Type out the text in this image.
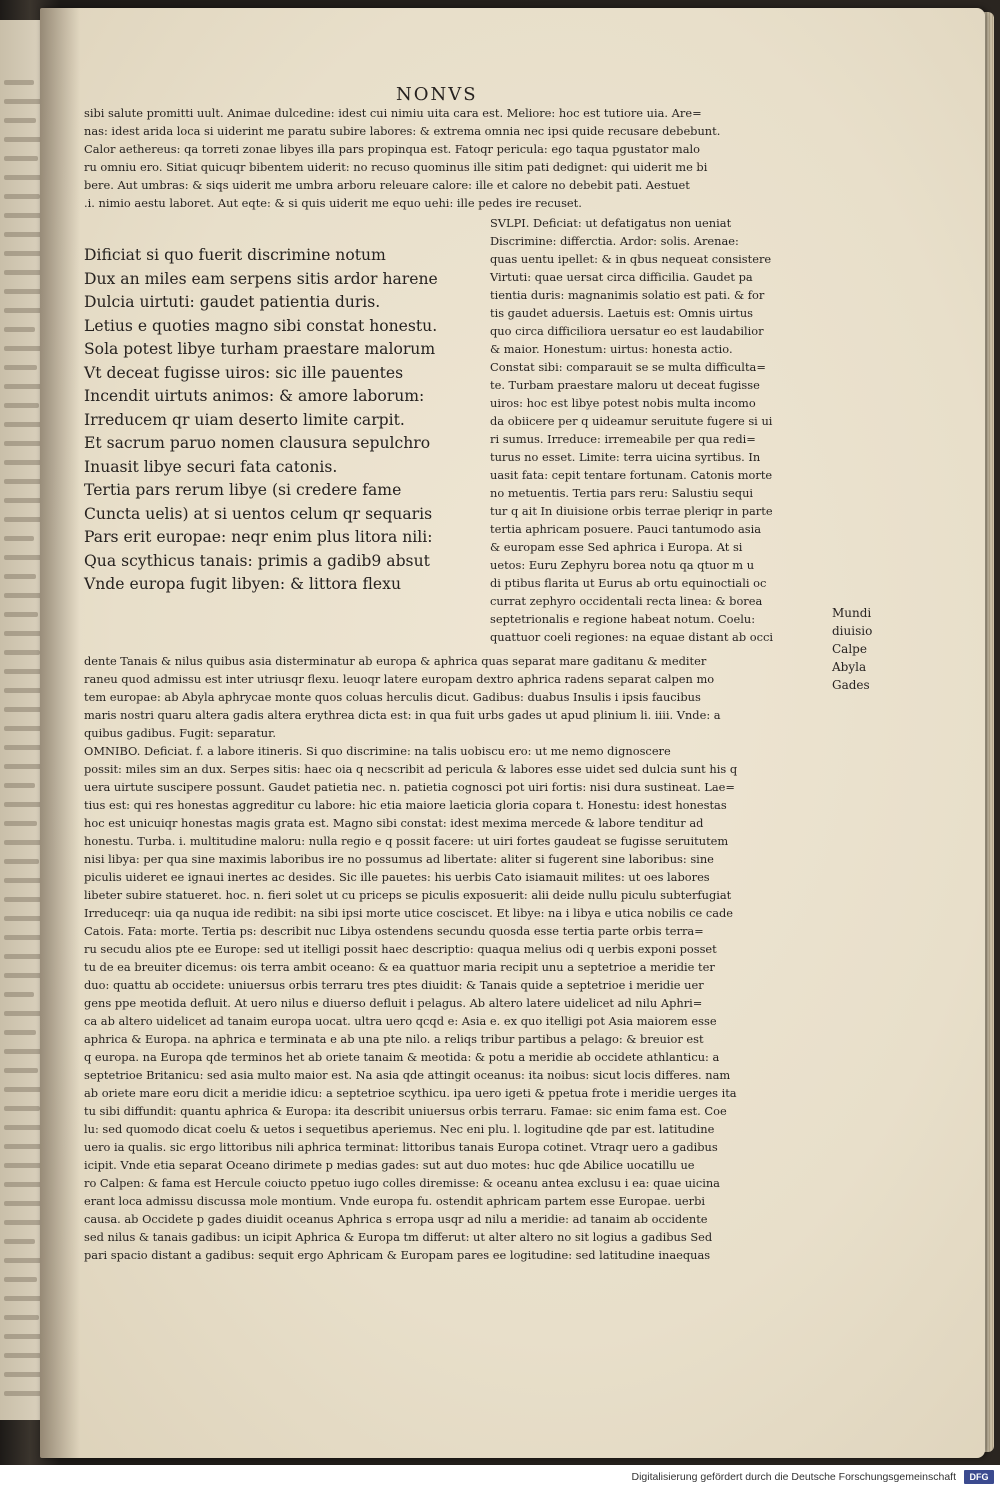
NONVS
sibi salute promitti uult. Animae dulcedine: idest cui nimiu uita cara est. Meliore: hoc est tutiore uia. Are=
nas: idest arida loca si uiderint me paratu subire labores: & extrema omnia nec ipsi quide recusare debebunt.
Calor aethereus: qa torreti zonae libyes illa pars propinqua est. Fatoqr pericula: ego taqua pgustator malo
ru omniu ero. Sitiat quicuqr bibentem uiderit: no recuso quominus ille sitim pati dedignet: qui uiderit me bi
bere. Aut umbras: & siqs uiderit me umbra arboru releuare calore: ille et calore no debebit pati. Aestuet
.i. nimio aestu laboret. Aut eqte: & si quis uiderit me equo uehi: ille pedes ire recuset.
Dificiat si quo fuerit discrimine notum
Dux an miles eam serpens sitis ardor harene
Dulcia uirtuti: gaudet patientia duris.
Letius e quoties magno sibi constat honestu.
Sola potest libye turham praestare malorum
Vt deceat fugisse uiros: sic ille pauentes
Incendit uirtuts animos: & amore laborum:
Irreducem qr uiam deserto limite carpit.
Et sacrum paruo nomen clausura sepulchro
Inuasit libye securi fata catonis.
Tertia pars rerum libye (si credere fame
Cuncta uelis) at si uentos celum qr sequaris
Pars erit europae: neqr enim plus litora nili:
Qua scythicus tanais: primis a gadib9 absut
Vnde europa fugit libyen: & littora flexu
SVLPI. Deficiat: ut defatigatus non ueniat
Discrimine: differctia. Ardor: solis. Arenae:
quas uentu ipellet: & in qbus nequeat consistere
Virtuti: quae uersat circa difficilia. Gaudet pa
tientia duris: magnanimis solatio est pati. & for
tis gaudet aduersis. Laetuis est: Omnis uirtus
quo circa difficiliora uersatur eo est laudabilior
& maior. Honestum: uirtus: honesta actio.
Constat sibi: comparauit se se multa difficulta=
te. Turbam praestare maloru ut deceat fugisse
uiros: hoc est libye potest nobis multa incomo
da obiicere per q uideamur seruitute fugere si ui
ri sumus. Irreduce: irremeabile per qua redi=
turus no esset. Limite: terra uicina syrtibus. In
uasit fata: cepit tentare fortunam. Catonis morte
no metuentis. Tertia pars reru: Salustiu sequi
tur q ait In diuisione orbis terrae pleriqr in parte
tertia aphricam posuere. Pauci tantumodo asia
& europam esse Sed aphrica i Europa. At si
uetos: Euru Zephyru borea notu qa qtuor m u
di ptibus flarita ut Eurus ab ortu equinoctiali oc
currat zephyro occidentali recta linea: & borea
septetrionalis e regione habeat notum. Coelu:
quattuor coeli regiones: na equae distant ab occi
dente Tanais & nilus quibus asia disterminatur ab europa & aphrica quas separat mare gaditanu & mediter
raneu quod admissu est inter utriusqr flexu. leuoqr latere europam dextro aphrica radens separat calpen mo
tem europae: ab Abyla aphrycae monte quos coluas herculis dicut. Gadibus: duabus Insulis i ipsis faucibus
maris nostri quaru altera gadis altera erythrea dicta est: in qua fuit urbs gades ut apud plinium li. iiii. Vnde: a
quibus gadibus. Fugit: separatur.
OMNIBO. Deficiat. f. a labore itineris. Si quo discrimine: na talis uobiscu ero: ut me nemo dignoscere
possit: miles sim an dux. Serpes sitis: haec oia q necscribit ad pericula & labores esse uidet sed dulcia sunt his q
uera uirtute suscipere possunt. Gaudet patietia nec. n. patietia cognosci pot uiri fortis: nisi dura sustineat. Lae=
tius est: qui res honestas aggreditur cu labore: hic etia maiore laeticia gloria copara t. Honestu: idest honestas
hoc est unicuiqr honestas magis grata est. Magno sibi constat: idest mexima mercede & labore tenditur ad
honestu. Turba. i. multitudine maloru: nulla regio e q possit facere: ut uiri fortes gaudeat se fugisse seruitutem
nisi libya: per qua sine maximis laboribus ire no possumus ad libertate: aliter si fugerent sine laboribus: sine
piculis uideret ee ignaui inertes ac desides. Sic ille pauetes: his uerbis Cato isiamauit milites: ut oes labores
libeter subire statueret. hoc. n. fieri solet ut cu priceps se piculis exposuerit: alii deide nullu piculu subterfugiat
Irreduceqr: uia qa nuqua ide redibit: na sibi ipsi morte utice cosciscet. Et libye: na i libya e utica nobilis ce cade
Catois. Fata: morte. Tertia ps: describit nuc Libya ostendens secundu quosda esse tertia parte orbis terra=
ru secudu alios pte ee Europe: sed ut itelligi possit haec descriptio: quaqua melius odi q uerbis exponi posset
tu de ea breuiter dicemus: ois terra ambit oceano: & ea quattuor maria recipit unu a septetrioe a meridie ter
duo: quattu ab occidete: uniuersus orbis terraru tres ptes diuidit: & Tanais quide a septetrioe i meridie uer
gens ppe meotida defluit. At uero nilus e diuerso defluit i pelagus. Ab altero latere uidelicet ad nilu Aphri=
ca ab altero uidelicet ad tanaim europa uocat. ultra uero qcqd e: Asia e. ex quo itelligi pot Asia maiorem esse
aphrica & Europa. na aphrica e terminata e ab una pte nilo. a reliqs tribur partibus a pelago: & breuior est
q europa. na Europa qde terminos het ab oriete tanaim & meotida: & potu a meridie ab occidete athlanticu: a
septetrioe Britanicu: sed asia multo maior est. Na asia qde attingit oceanus: ita noibus: sicut locis differes. nam
ab oriete mare eoru dicit a meridie idicu: a septetrioe scythicu. ipa uero igeti & ppetua frote i meridie uerges ita
tu sibi diffundit: quantu aphrica & Europa: ita describit uniuersus orbis terraru. Famae: sic enim fama est. Coe
lu: sed quomodo dicat coelu & uetos i sequetibus aperiemus. Nec eni plu. l. logitudine qde par est. latitudine
uero ia qualis. sic ergo littoribus nili aphrica terminat: littoribus tanais Europa cotinet. Vtraqr uero a gadibus
icipit. Vnde etia separat Oceano dirimete p medias gades: sut aut duo motes: huc qde Abilice uocatillu ue
ro Calpen: & fama est Hercule coiucto ppetuo iugo colles diremisse: & oceanu antea exclusu i ea: quae uicina
erant loca admissu discussa mole montium. Vnde europa fu. ostendit aphricam partem esse Europae. uerbi
causa. ab Occidete p gades diuidit oceanus Aphrica s erropa usqr ad nilu a meridie: ad tanaim ab occidente
sed nilus & tanais gadibus: un icipit Aphrica & Europa tm differut: ut alter altero no sit logius a gadibus Sed
pari spacio distant a gadibus: sequit ergo Aphricam & Europam pares ee logitudine: sed latitudine inaequas
Mundi
diuisio
Calpe
Abyla
Gades
Digitalisierung gefördert durch die Deutsche Forschungsgemeinschaft	DFG
